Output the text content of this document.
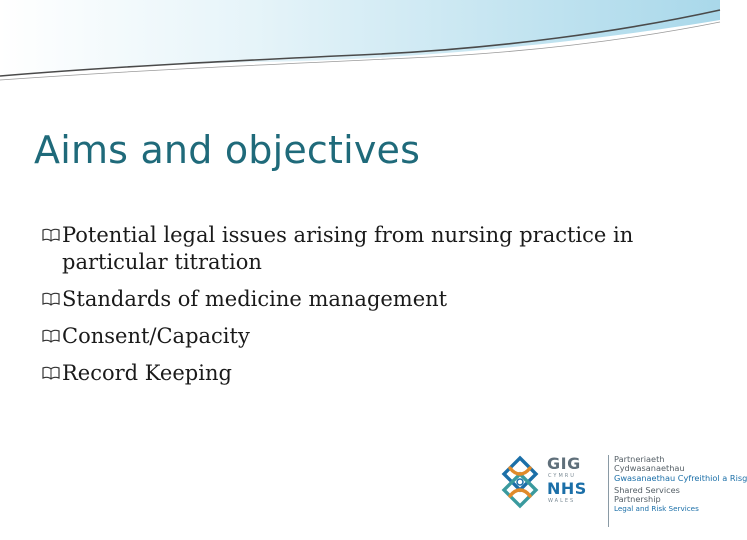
Aims and objectives
Potential legal issues arising from nursing practice in particular titration
Standards of medicine management
Consent/Capacity
Record Keeping
GIG
CYMRU
NHS
WALES
Partneriaeth
Cydwasanaethau
Gwasanaethau Cyfreithiol a Risg
Shared Services
Partnership
Legal and Risk Services
